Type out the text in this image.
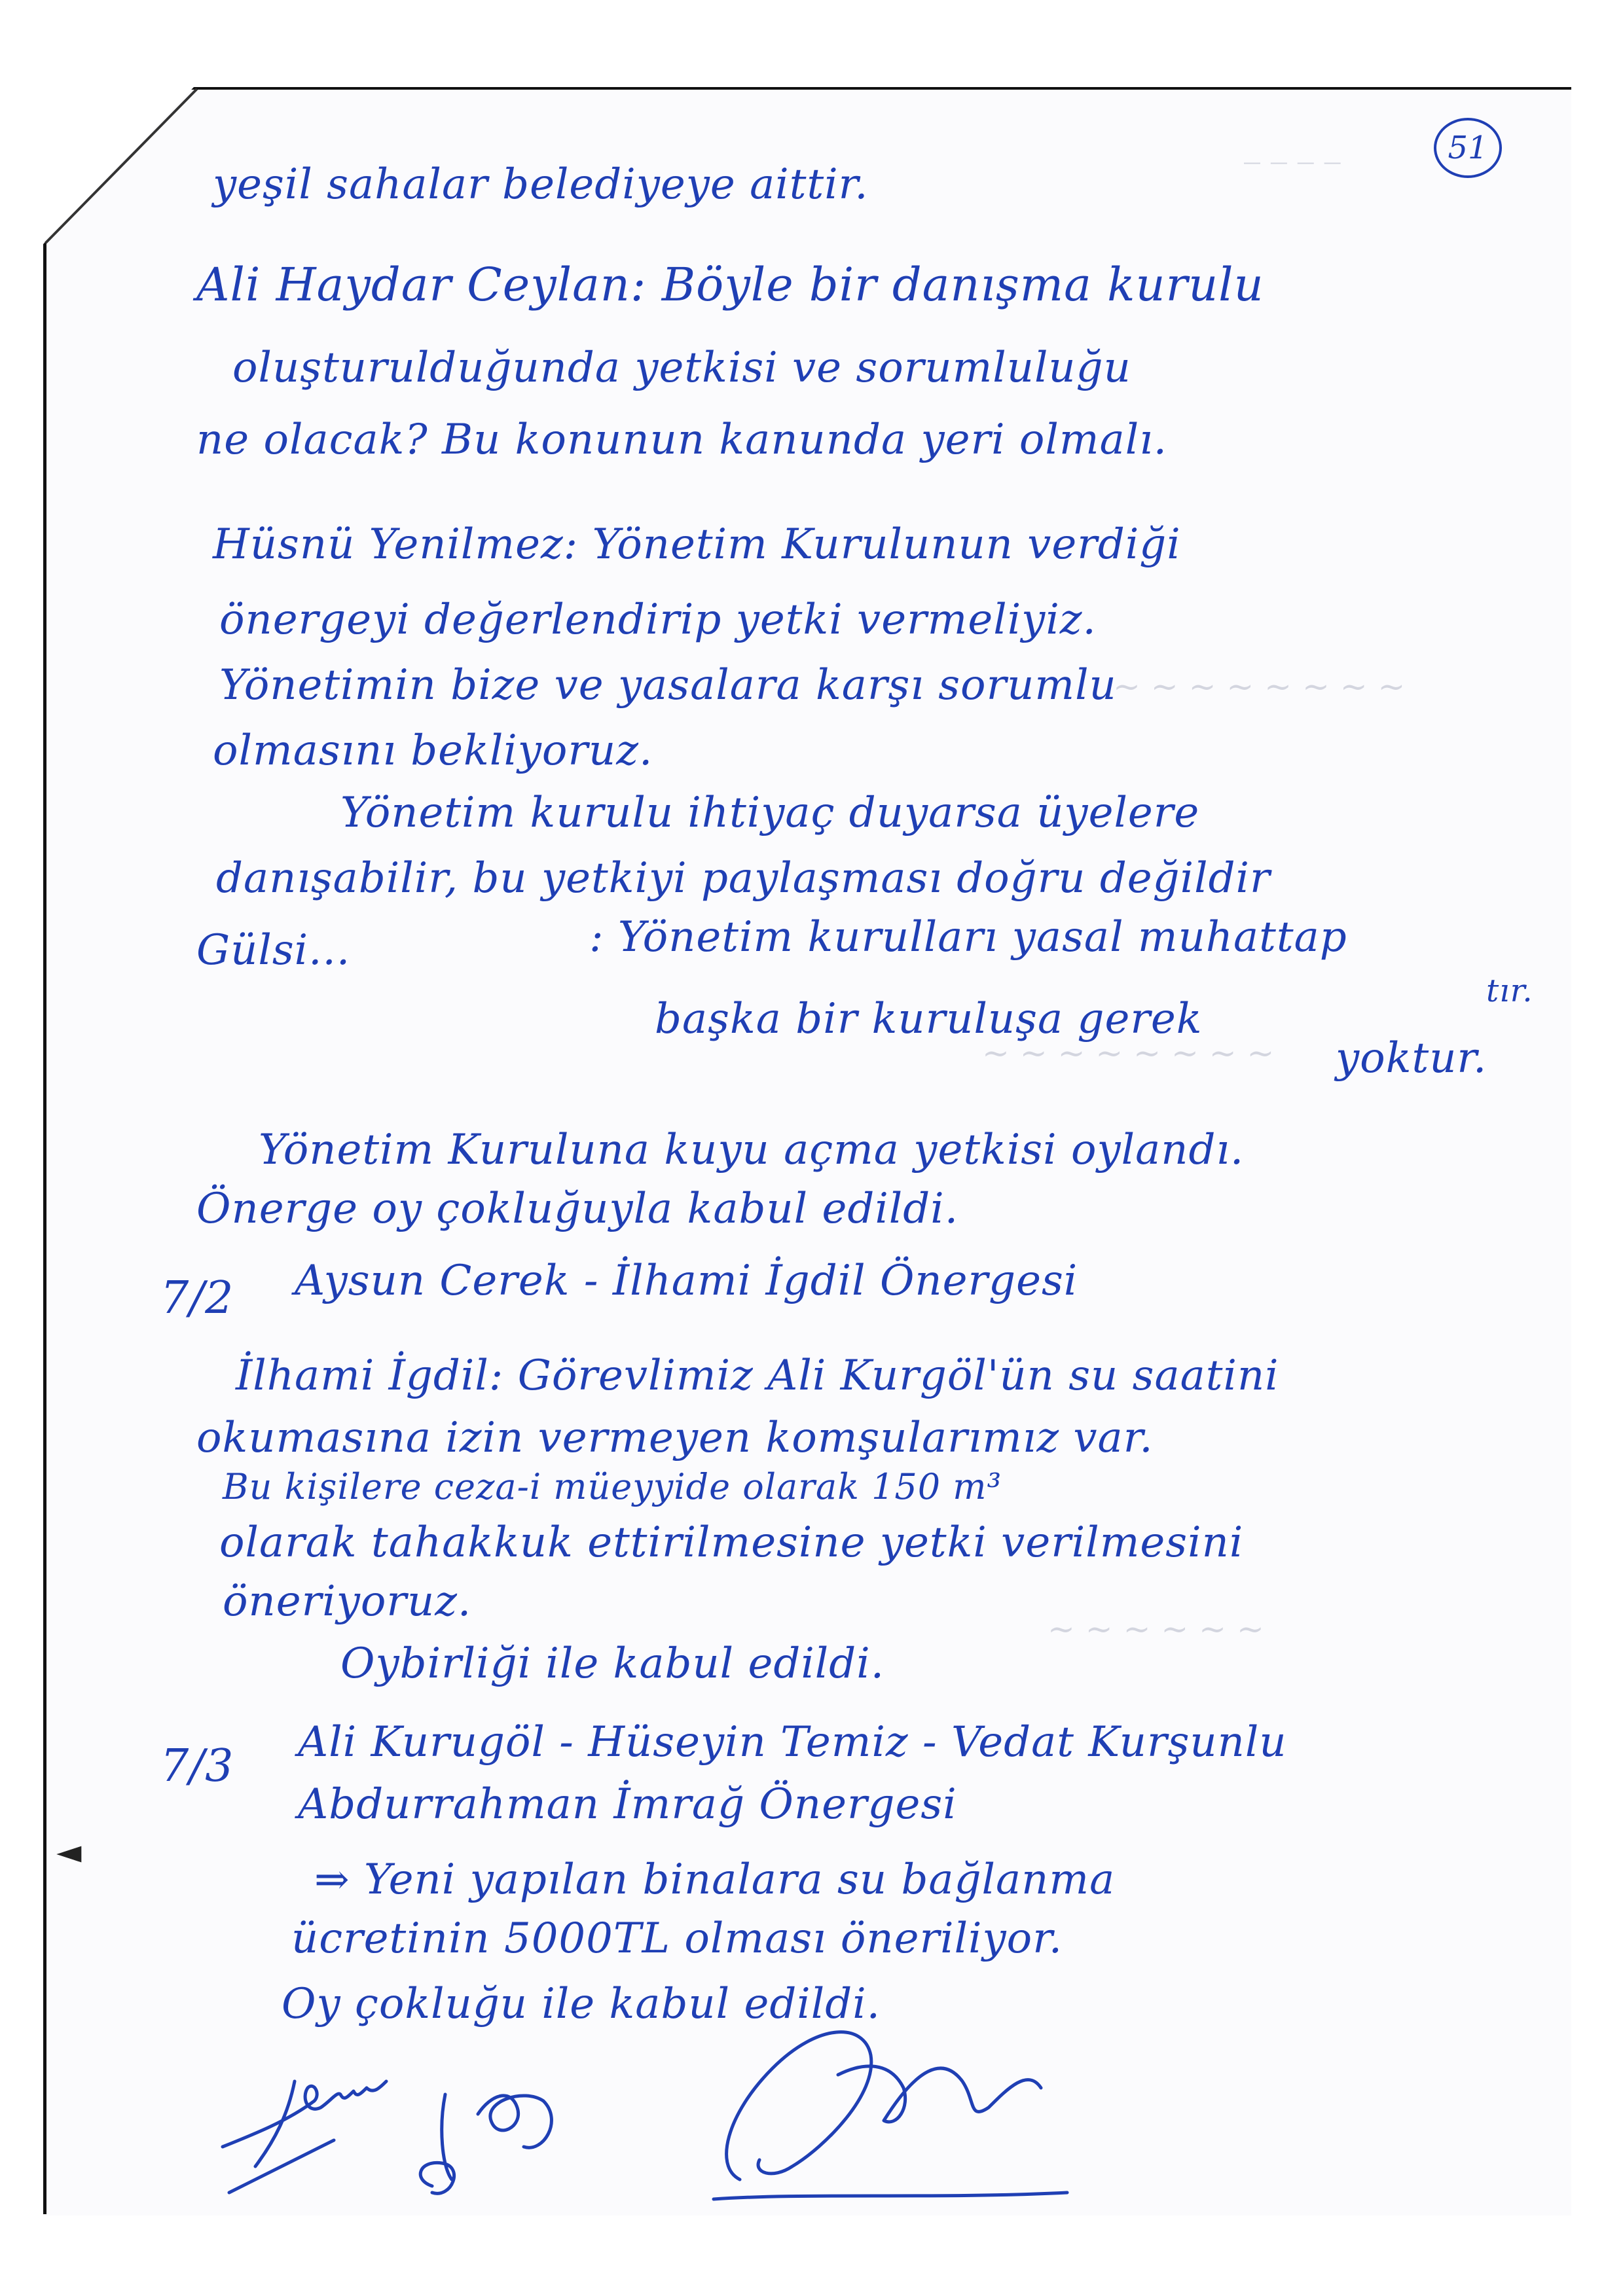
‾ ‾ ‾ ‾
~ ~ ~ ~ ~ ~ ~ ~
~ ~ ~ ~ ~ ~ ~ ~
~ ~ ~ ~ ~ ~
51
yeşil sahalar belediyeye aittir.
Ali Haydar Ceylan: Böyle bir danışma kurulu
oluşturulduğunda yetkisi ve sorumluluğu
ne olacak? Bu konunun kanunda yeri olmalı.
Hüsnü Yenilmez: Yönetim Kurulunun verdiği
önergeyi değerlendirip yetki vermeliyiz.
Yönetimin bize ve yasalara karşı sorumlu
olmasını bekliyoruz.
Yönetim kurulu ihtiyaç duyarsa üyelere
danışabilir, bu yetkiyi paylaşması doğru değildir
Gülsi...	: Yönetim kurulları yasal muhattap
tır.
başka bir kuruluşa gerek
yoktur.
Yönetim Kuruluna kuyu açma yetkisi oylandı.
Önerge oy çokluğuyla kabul edildi.
7/2 Aysun Cerek - İlhami İgdil Önergesi
İlhami İgdil: Görevlimiz Ali Kurgöl'ün su saatini
okumasına izin vermeyen komşularımız var.
Bu kişilere ceza-i müeyyide olarak 150 m³
olarak tahakkuk ettirilmesine yetki verilmesini
öneriyoruz.
Oybirliği ile kabul edildi.
7/3 Ali Kurugöl - Hüseyin Temiz - Vedat Kurşunlu
Abdurrahman İmrağ Önergesi
⇒ Yeni yapılan binalara su bağlanma
ücretinin 5000TL olması öneriliyor.
Oy çokluğu ile kabul edildi.
◄
